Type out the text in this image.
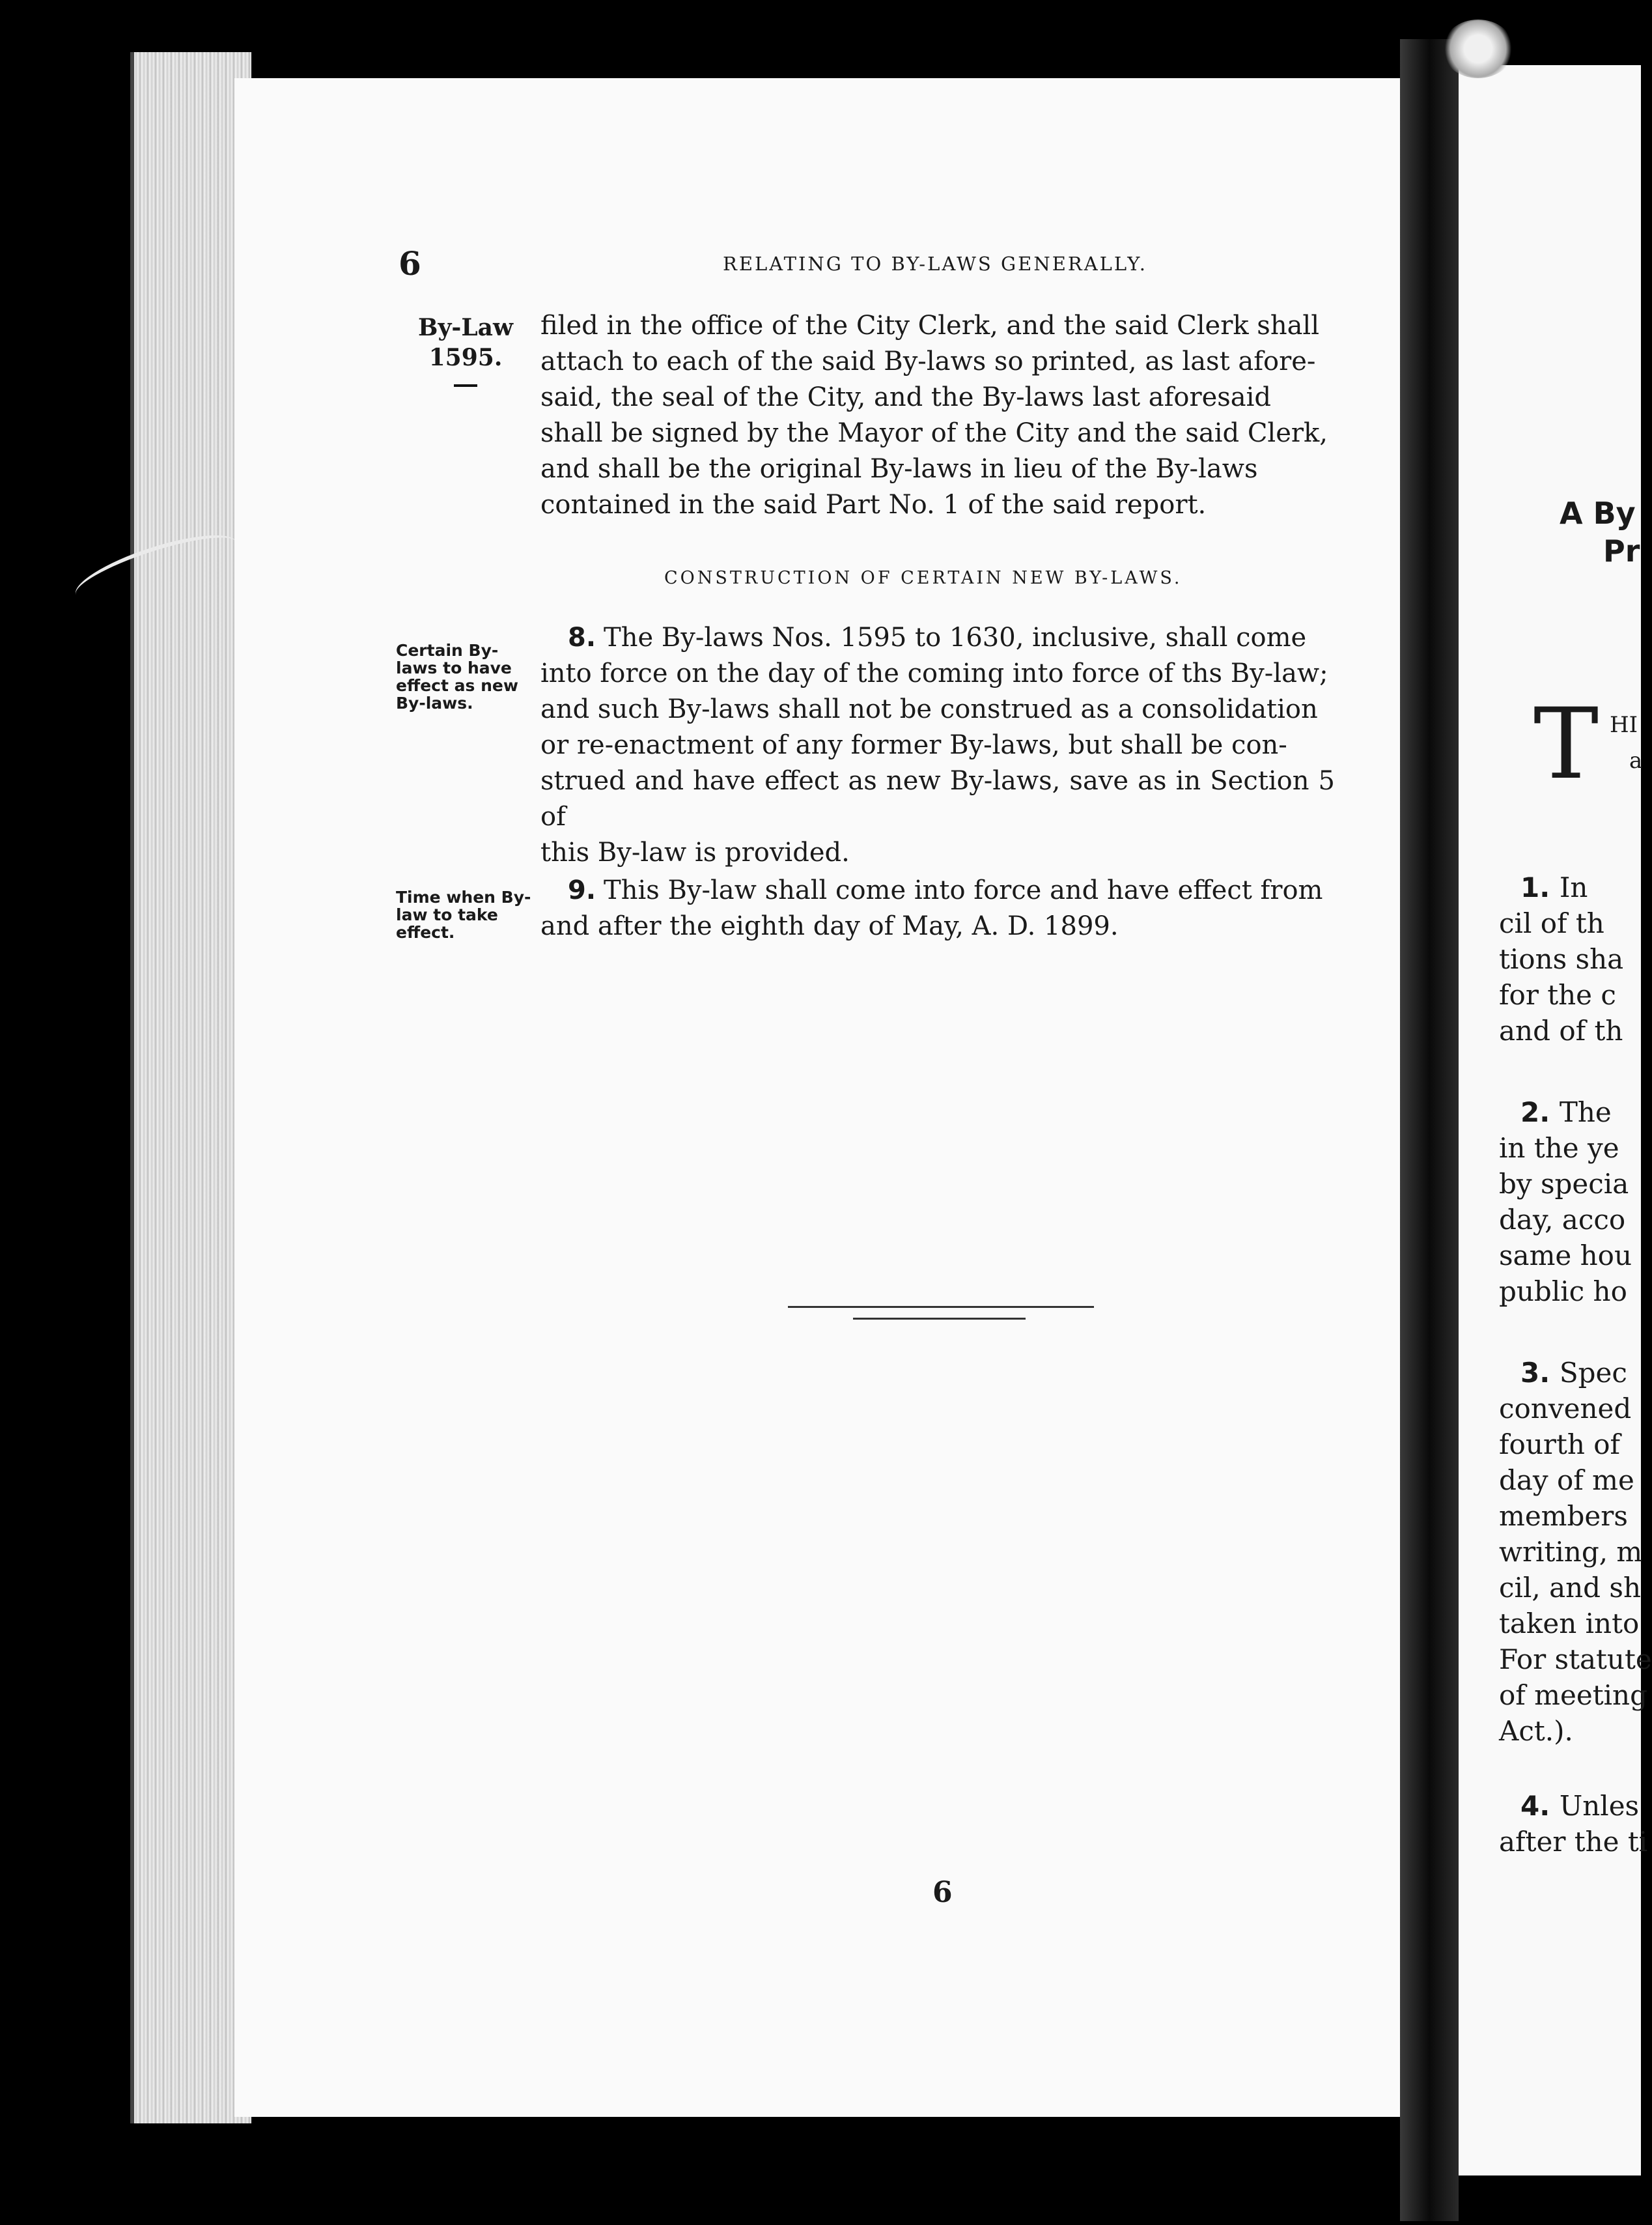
6	RELATING TO BY-LAWS GENERALLY.
By-Law
1595.
filed in the office of the City Clerk, and the said Clerk shall
attach to each of the said By-laws so printed, as last afore-
said, the seal of the City, and the By-laws last aforesaid
shall be signed by the Mayor of the City and the said Clerk,
and shall be the original By-laws in lieu of the By-laws
contained in the said Part No. 1 of the said report.
CONSTRUCTION OF CERTAIN NEW BY-LAWS.
Certain By-
laws to have
effect as new
By-laws.
8. The By-laws Nos. 1595 to 1630, inclusive, shall come
into force on the day of the coming into force of ths By-law;
and such By-laws shall not be construed as a consolidation
or re-enactment of any former By-laws, but shall be con-
strued and have effect as new By-laws, save as in Section 5 of
this By-law is provided.
Time when By-
law to take
effect.
9. This By-law shall come into force and have effect from
and after the eighth day of May, A. D. 1899.
6
A By
Pr
T HI
a
1. In
cil of th
tions sha
for the c
and of th
2. The
in the ye
by specia
day, acco
same hou
public ho
3. Spec
convened
fourth of
day of me
members
writing, m
cil, and sh
taken into
For statute
of meeting
Act.).
4. Unles
after the ti
